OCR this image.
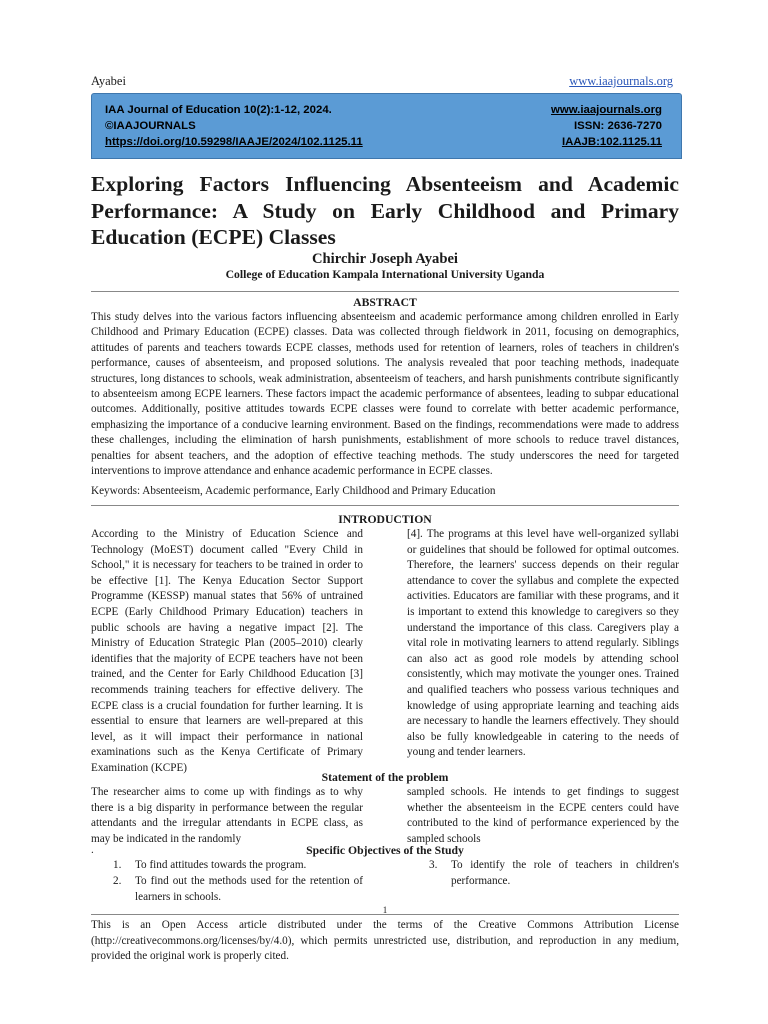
Ayabei	www.iaajournals.org
IAA Journal of Education 10(2):1-12, 2024.
©IAAJOURNALS
https://doi.org/10.59298/IAAJE/2024/102.1125.11
www.iaajournals.org
ISSN: 2636-7270
IAAJB:102.1125.11
Exploring Factors Influencing Absenteeism and Academic Performance: A Study on Early Childhood and Primary Education (ECPE) Classes
Chirchir Joseph Ayabei
College of Education Kampala International University Uganda
ABSTRACT
This study delves into the various factors influencing absenteeism and academic performance among children enrolled in Early Childhood and Primary Education (ECPE) classes. Data was collected through fieldwork in 2011, focusing on demographics, attitudes of parents and teachers towards ECPE classes, methods used for retention of learners, roles of teachers in children's performance, causes of absenteeism, and proposed solutions. The analysis revealed that poor teaching methods, inadequate structures, long distances to schools, weak administration, absenteeism of teachers, and harsh punishments contribute significantly to absenteeism among ECPE learners. These factors impact the academic performance of absentees, leading to subpar educational outcomes. Additionally, positive attitudes towards ECPE classes were found to correlate with better academic performance, emphasizing the importance of a conducive learning environment. Based on the findings, recommendations were made to address these challenges, including the elimination of harsh punishments, establishment of more schools to reduce travel distances, penalties for absent teachers, and the adoption of effective teaching methods. The study underscores the need for targeted interventions to improve attendance and enhance academic performance in ECPE classes.
Keywords: Absenteeism, Academic performance, Early Childhood and Primary Education
INTRODUCTION
According to the Ministry of Education Science and Technology (MoEST) document called "Every Child in School," it is necessary for teachers to be trained in order to be effective [1]. The Kenya Education Sector Support Programme (KESSP) manual states that 56% of untrained ECPE (Early Childhood Primary Education) teachers in public schools are having a negative impact [2]. The Ministry of Education Strategic Plan (2005–2010) clearly identifies that the majority of ECPE teachers have not been trained, and the Center for Early Childhood Education [3] recommends training teachers for effective delivery. The ECPE class is a crucial foundation for further learning. It is essential to ensure that learners are well-prepared at this level, as it will impact their performance in national examinations such as the Kenya Certificate of Primary Examination (KCPE)
[4]. The programs at this level have well-organized syllabi or guidelines that should be followed for optimal outcomes. Therefore, the learners' success depends on their regular attendance to cover the syllabus and complete the expected activities. Educators are familiar with these programs, and it is important to extend this knowledge to caregivers so they understand the importance of this class. Caregivers play a vital role in motivating learners to attend regularly. Siblings can also act as good role models by attending school consistently, which may motivate the younger ones. Trained and qualified teachers who possess various techniques and knowledge of using appropriate learning and teaching aids are necessary to handle the learners effectively. They should also be fully knowledgeable in catering to the needs of young and tender learners.
Statement of the problem
The researcher aims to come up with findings as to why there is a big disparity in performance between the regular attendants and the irregular attendants in ECPE class, as may be indicated in the randomly
sampled schools. He intends to get findings to suggest whether the absenteeism in the ECPE centers could have contributed to the kind of performance experienced by the sampled schools
.	Specific Objectives of the Study
1. To find attitudes towards the program.
2. To find out the methods used for the retention of learners in schools.
3. To identify the role of teachers in children's performance.
1
This is an Open Access article distributed under the terms of the Creative Commons Attribution License (http://creativecommons.org/licenses/by/4.0), which permits unrestricted use, distribution, and reproduction in any medium, provided the original work is properly cited.
